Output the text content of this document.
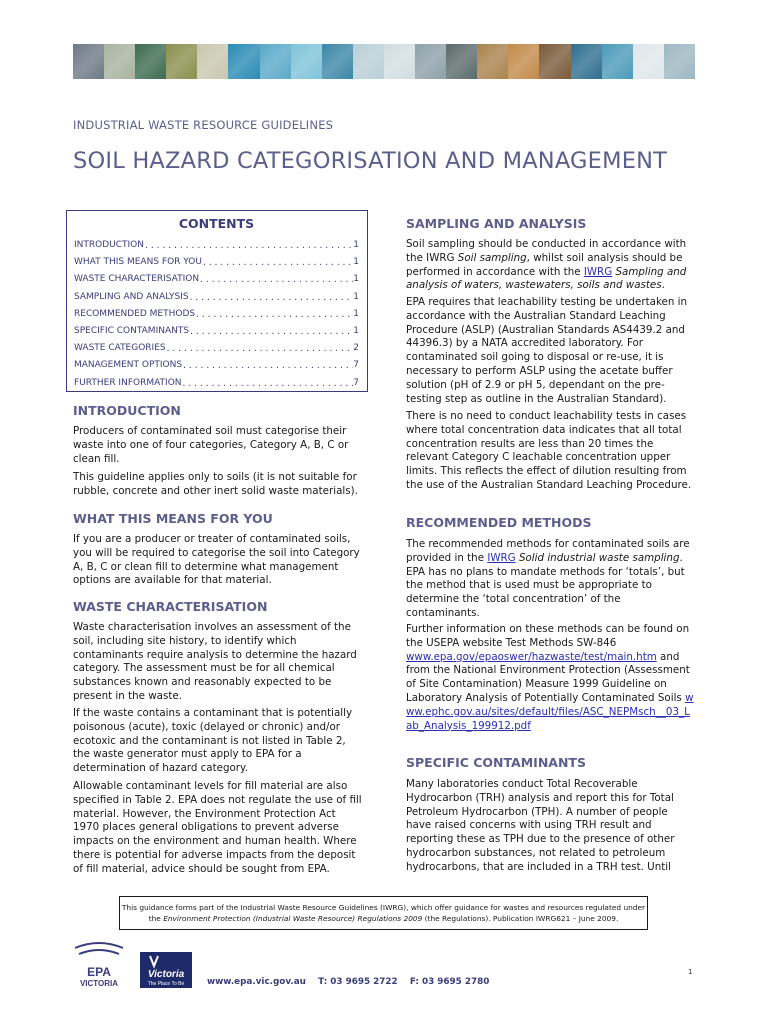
INDUSTRIAL WASTE RESOURCE GUIDELINES
SOIL HAZARD CATEGORISATION AND MANAGEMENT
CONTENTS
INTRODUCTION .....	1
WHAT THIS MEANS FOR YOU .....	1
WASTE CHARACTERISATION .....	1
SAMPLING AND ANALYSIS .....	1
RECOMMENDED METHODS .....	1
SPECIFIC CONTAMINANTS .....	1
WASTE CATEGORIES .....	2
MANAGEMENT OPTIONS .....	7
FURTHER INFORMATION .....	7
INTRODUCTION

Producers of contaminated soil must categorise their waste into one of four categories, Category A, B, C or clean fill.

This guideline applies only to soils (it is not suitable for rubble, concrete and other inert solid waste materials).

WHAT THIS MEANS FOR YOU

If you are a producer or treater of contaminated soils, you will be required to categorise the soil into Category A, B, C or clean fill to determine what management options are available for that material.

WASTE CHARACTERISATION

Waste characterisation involves an assessment of the soil, including site history, to identify which contaminants require analysis to determine the hazard category. The assessment must be for all chemical substances known and reasonably expected to be present in the waste.

If the waste contains a contaminant that is potentially poisonous (acute), toxic (delayed or chronic) and/or ecotoxic and the contaminant is not listed in Table 2, the waste generator must apply to EPA for a determination of hazard category.

Allowable contaminant levels for fill material are also specified in Table 2. EPA does not regulate the use of fill material. However, the Environment Protection Act 1970 places general obligations to prevent adverse impacts on the environment and human health. Where there is potential for adverse impacts from the deposit of fill material, advice should be sought from EPA.

SAMPLING AND ANALYSIS

Soil sampling should be conducted in accordance with the IWRG Soil sampling, whilst soil analysis should be performed in accordance with the IWRG Sampling and analysis of waters, wastewaters, soils and wastes.

EPA requires that leachability testing be undertaken in accordance with the Australian Standard Leaching Procedure (ASLP) (Australian Standards AS4439.2 and 44396.3) by a NATA accredited laboratory. For contaminated soil going to disposal or re-use, it is necessary to perform ASLP using the acetate buffer solution (pH of 2.9 or pH 5, dependant on the pre-testing step as outline in the Australian Standard).

There is no need to conduct leachability tests in cases where total concentration data indicates that all total concentration results are less than 20 times the relevant Category C leachable concentration upper limits. This reflects the effect of dilution resulting from the use of the Australian Standard Leaching Procedure.

RECOMMENDED METHODS

The recommended methods for contaminated soils are provided in the IWRG Solid industrial waste sampling. EPA has no plans to mandate methods for ‘totals’, but the method that is used must be appropriate to determine the ‘total concentration’ of the contaminants.

Further information on these methods can be found on the USEPA website Test Methods SW-846 www.epa.gov/epaoswer/hazwaste/test/main.htm and from the National Environment Protection (Assessment of Site Contamination) Measure 1999 Guideline on Laboratory Analysis of Potentially Contaminated Soils www.ephc.gov.au/sites/default/files/ASC_NEPMsch__03_Lab_Analysis_199912.pdf

SPECIFIC CONTAMINANTS

Many laboratories conduct Total Recoverable Hydrocarbon (TRH) analysis and report this for Total Petroleum Hydrocarbon (TPH). A number of people have raised concerns with using TRH result and reporting these as TPH due to the presence of other hydrocarbon substances, not related to petroleum hydrocarbons, that are included in a TRH test. Until

This guidance forms part of the Industrial Waste Resource Guidelines (IWRG), which offer guidance for wastes and resources regulated under the Environment Protection (Industrial Waste Resource) Regulations 2009 (the Regulations). Publication IWRG621 – June 2009.
EPA
VICTORIA
Victoria
The Place To Be	www.epa.vic.gov.au T: 03 9695 2722 F: 03 9695 2780
1
